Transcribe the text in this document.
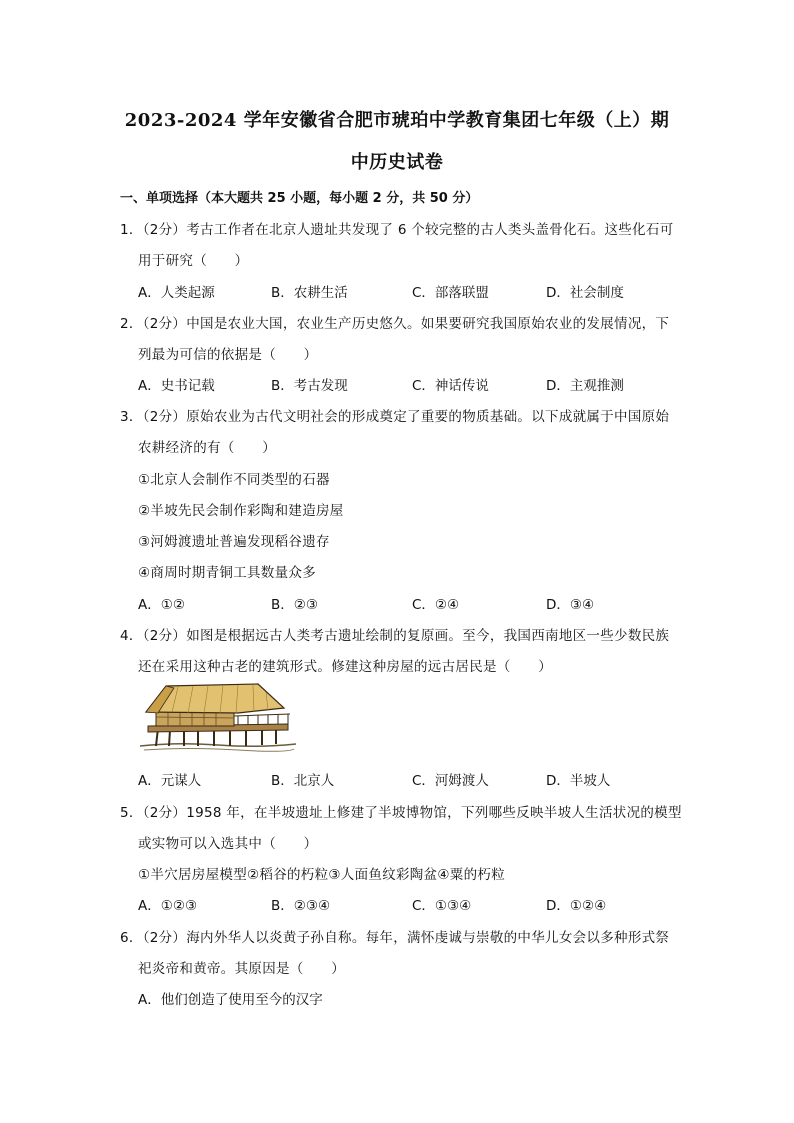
2023-2024 学年安徽省合肥市琥珀中学教育集团七年级（上）期
中历史试卷
一、单项选择（本大题共 25 小题，每小题 2 分，共 50 分）
1．（2分）考古工作者在北京人遗址共发现了 6 个较完整的古人类头盖骨化石。这些化石可
用于研究（　　）
A．人类起源	B．农耕生活	C．部落联盟	D．社会制度
2．（2分）中国是农业大国，农业生产历史悠久。如果要研究我国原始农业的发展情况，下
列最为可信的依据是（　　）
A．史书记载	B．考古发现	C．神话传说	D．主观推测
3．（2分）原始农业为古代文明社会的形成奠定了重要的物质基础。以下成就属于中国原始
农耕经济的有（　　）
①北京人会制作不同类型的石器
②半坡先民会制作彩陶和建造房屋
③河姆渡遗址普遍发现稻谷遗存
④商周时期青铜工具数量众多
A．①②	B．②③	C．②④	D．③④
4．（2分）如图是根据远古人类考古遗址绘制的复原画。至今，我国西南地区一些少数民族
还在采用这种古老的建筑形式。修建这种房屋的远古居民是（　　）
A．元谋人	B．北京人	C．河姆渡人	D．半坡人
5．（2分）1958 年，在半坡遗址上修建了半坡博物馆，下列哪些反映半坡人生活状况的模型
或实物可以入选其中（　　）
①半穴居房屋模型②稻谷的朽粒③人面鱼纹彩陶盆④粟的朽粒
A．①②③	B．②③④	C．①③④	D．①②④
6．（2分）海内外华人以炎黄子孙自称。每年，满怀虔诚与崇敬的中华儿女会以多种形式祭
祀炎帝和黄帝。其原因是（　　）
A．他们创造了使用至今的汉字
